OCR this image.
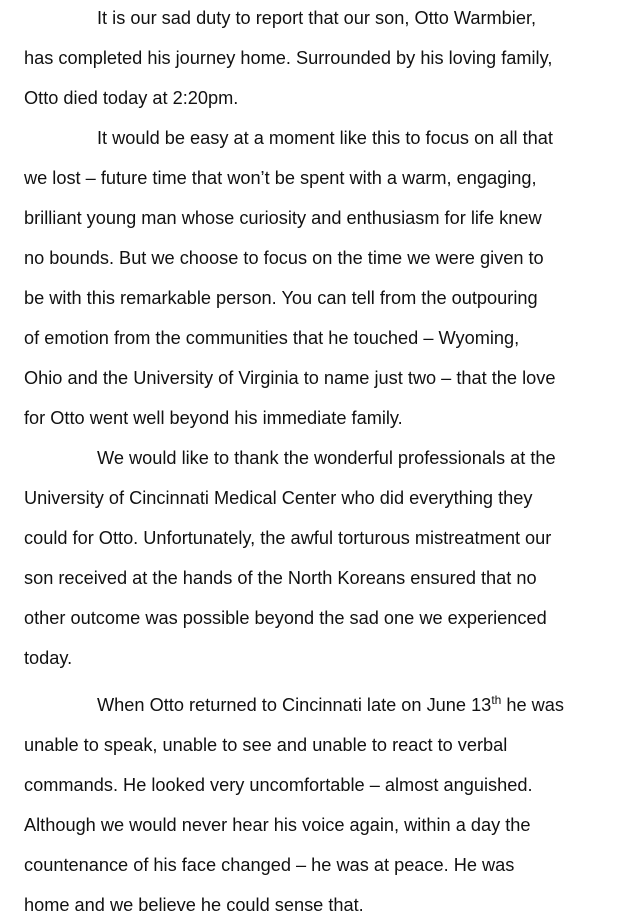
It is our sad duty to report that our son, Otto Warmbier,
has completed his journey home. Surrounded by his loving family,
Otto died today at 2:20pm.
It would be easy at a moment like this to focus on all that
we lost – future time that won’t be spent with a warm, engaging,
brilliant young man whose curiosity and enthusiasm for life knew
no bounds. But we choose to focus on the time we were given to
be with this remarkable person. You can tell from the outpouring
of emotion from the communities that he touched – Wyoming,
Ohio and the University of Virginia to name just two – that the love
for Otto went well beyond his immediate family.
We would like to thank the wonderful professionals at the
University of Cincinnati Medical Center who did everything they
could for Otto. Unfortunately, the awful torturous mistreatment our
son received at the hands of the North Koreans ensured that no
other outcome was possible beyond the sad one we experienced
today.
When Otto returned to Cincinnati late on June 13th he was
unable to speak, unable to see and unable to react to verbal
commands. He looked very uncomfortable – almost anguished.
Although we would never hear his voice again, within a day the
countenance of his face changed – he was at peace. He was
home and we believe he could sense that.
